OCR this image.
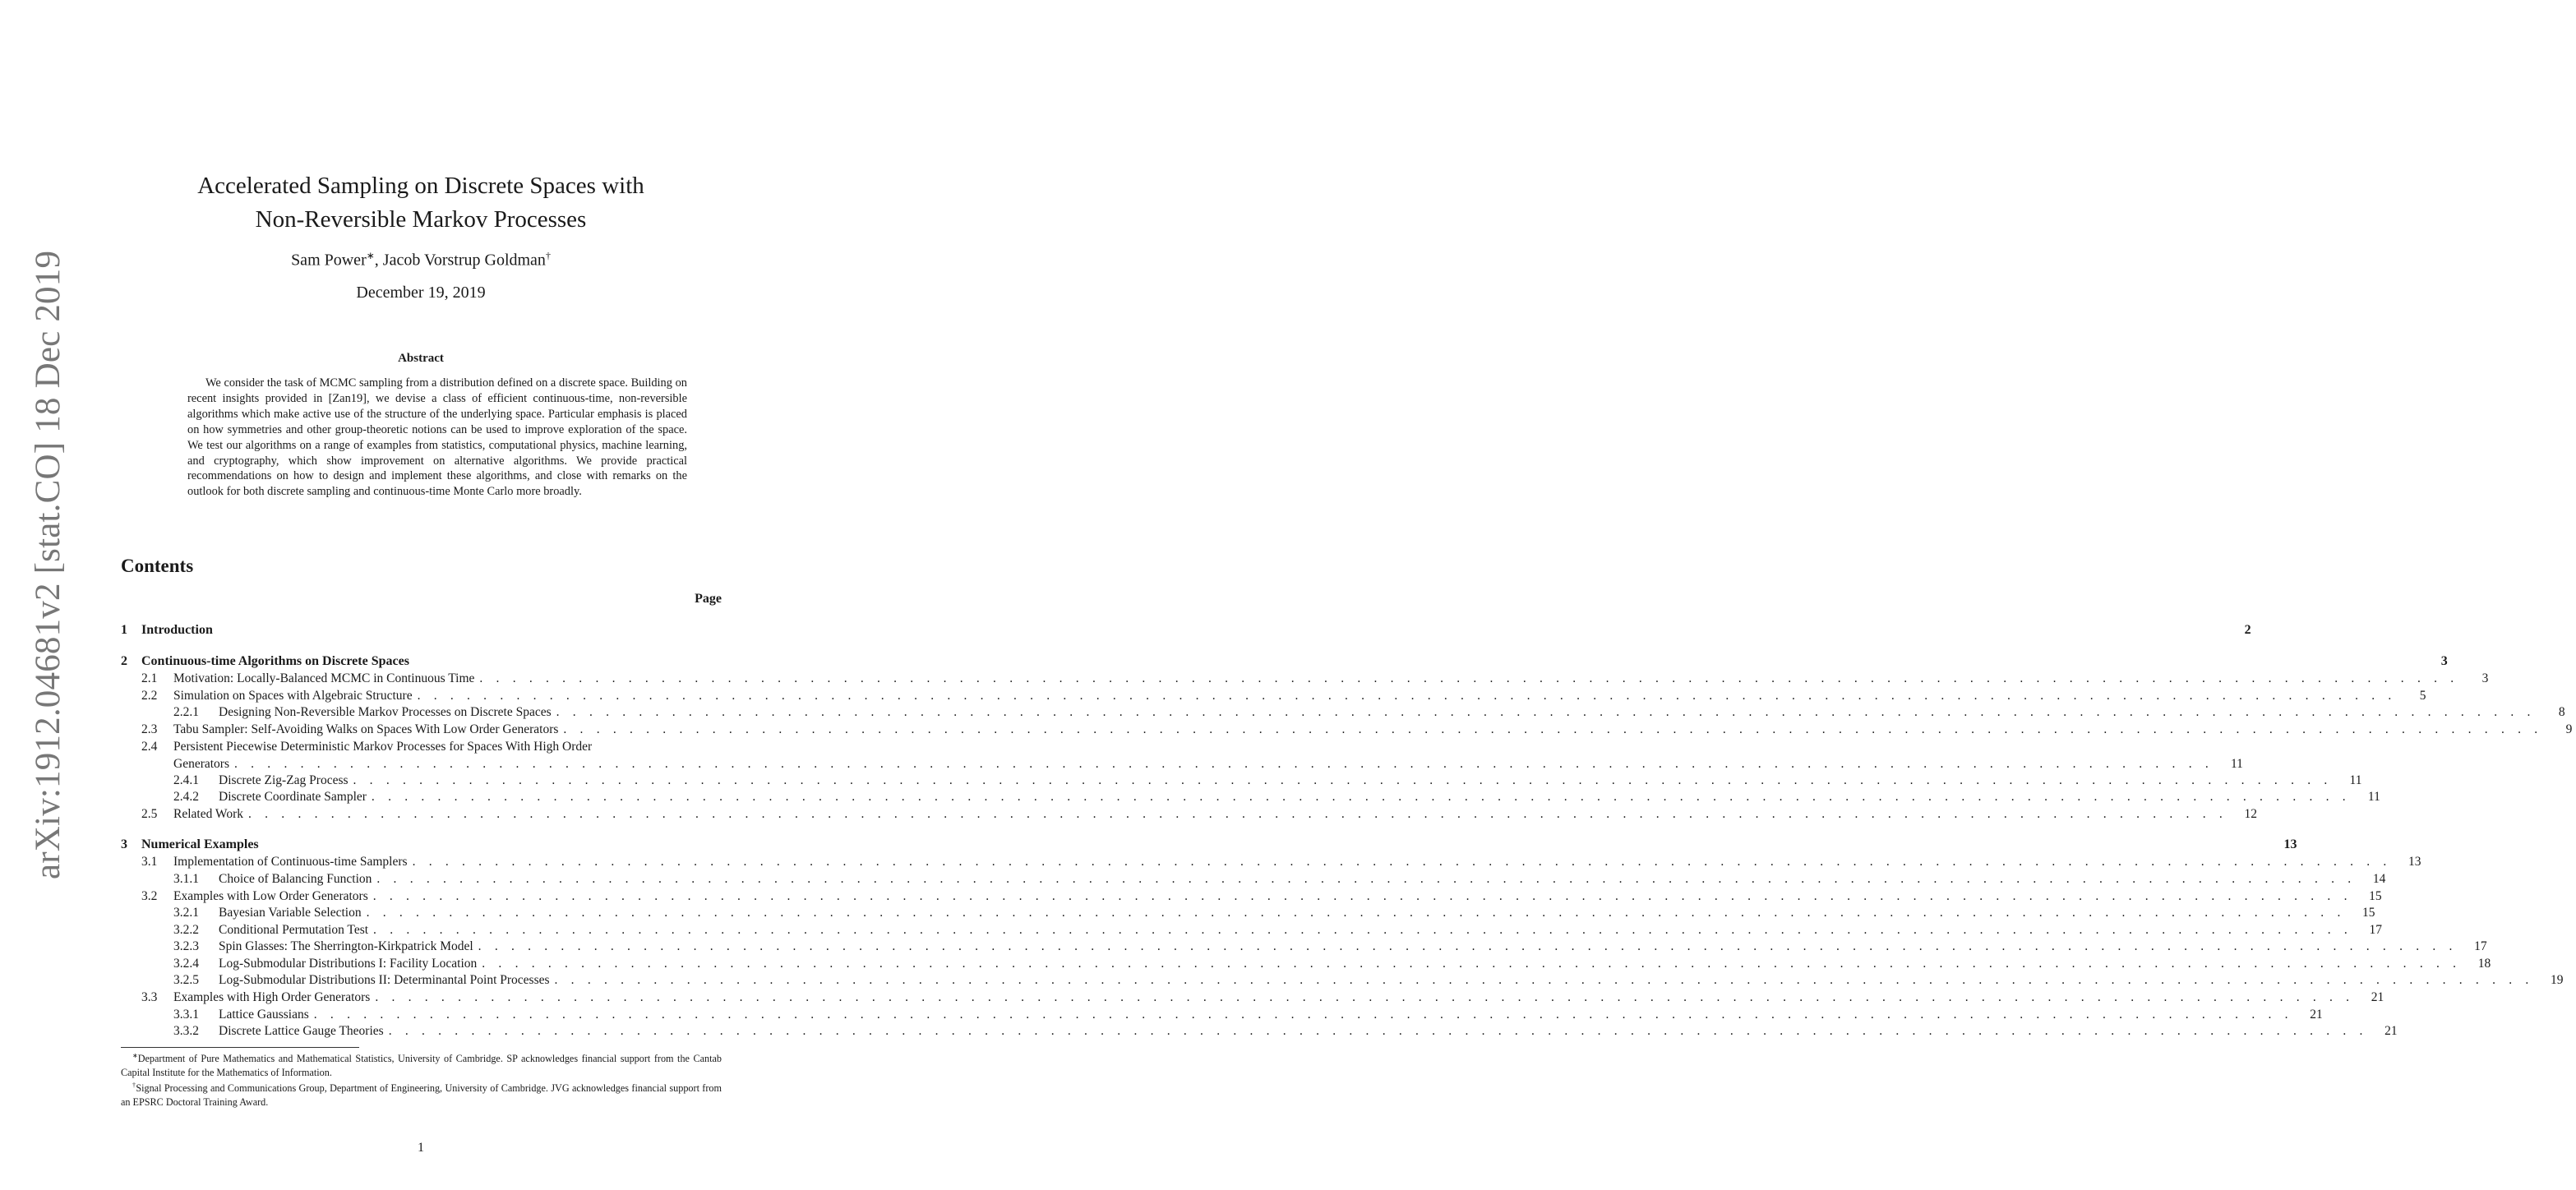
arXiv:1912.04681v2 [stat.CO] 18 Dec 2019
Accelerated Sampling on Discrete Spaces with
Non-Reversible Markov Processes
Sam Power∗, Jacob Vorstrup Goldman†
December 19, 2019
Abstract
We consider the task of MCMC sampling from a distribution defined on a discrete space. Building on recent insights provided in [Zan19], we devise a class of efficient continuous-time, non-reversible algorithms which make active use of the structure of the underlying space. Particular emphasis is placed on how symmetries and other group-theoretic notions can be used to improve exploration of the space. We test our algorithms on a range of examples from statistics, computational physics, machine learning, and cryptography, which show improvement on alternative algorithms. We provide practical recommendations on how to design and implement these algorithms, and close with remarks on the outlook for both discrete sampling and continuous-time Monte Carlo more broadly.
Contents
Page
1	Introduction	2
2	Continuous-time Algorithms on Discrete Spaces	3
2.1	Motivation: Locally-Balanced MCMC in Continuous Time . . . . . . . . . . . . . . . . . . . . . . . . . . . . . . . . . . . . . . . . . . . . . . . . . . . . . . . . . . . . . . . . . . . . . . . . . . . . . . . . . . . . . . . . . . . . . . . . . . . . . . . . . . . . . . . . . . . . . . . .	3
2.2	Simulation on Spaces with Algebraic Structure . . . . . . . . . . . . . . . . . . . . . . . . . . . . . . . . . . . . . . . . . . . . . . . . . . . . . . . . . . . . . . . . . . . . . . . . . . . . . . . . . . . . . . . . . . . . . . . . . . . . . . . . . . . . . . . . . . . . . . . .	5
2.2.1	Designing Non-Reversible Markov Processes on Discrete Spaces . . . . . . . . . . . . . . . . . . . . . . . . . . . . . . . . . . . . . . . . . . . . . . . . . . . . . . . . . . . . . . . . . . . . . . . . . . . . . . . . . . . . . . . . . . . . . . . . . . . . . . . . . . . . . . . . . . . . . . . .	8
2.3	Tabu Sampler: Self-Avoiding Walks on Spaces With Low Order Generators . . . . . . . . . . . . . . . . . . . . . . . . . . . . . . . . . . . . . . . . . . . . . . . . . . . . . . . . . . . . . . . . . . . . . . . . . . . . . . . . . . . . . . . . . . . . . . . . . . . . . . . . . . . . . . . . . . . . . . . .	9
2.4	Persistent Piecewise Deterministic Markov Processes for Spaces With High Order
Generators . . . . . . . . . . . . . . . . . . . . . . . . . . . . . . . . . . . . . . . . . . . . . . . . . . . . . . . . . . . . . . . . . . . . . . . . . . . . . . . . . . . . . . . . . . . . . . . . . . . . . . . . . . . . . . . . . . . . . . . .	11
2.4.1	Discrete Zig-Zag Process . . . . . . . . . . . . . . . . . . . . . . . . . . . . . . . . . . . . . . . . . . . . . . . . . . . . . . . . . . . . . . . . . . . . . . . . . . . . . . . . . . . . . . . . . . . . . . . . . . . . . . . . . . . . . . . . . . . . . . . .	11
2.4.2	Discrete Coordinate Sampler . . . . . . . . . . . . . . . . . . . . . . . . . . . . . . . . . . . . . . . . . . . . . . . . . . . . . . . . . . . . . . . . . . . . . . . . . . . . . . . . . . . . . . . . . . . . . . . . . . . . . . . . . . . . . . . . . . . . . . . .	11
2.5	Related Work . . . . . . . . . . . . . . . . . . . . . . . . . . . . . . . . . . . . . . . . . . . . . . . . . . . . . . . . . . . . . . . . . . . . . . . . . . . . . . . . . . . . . . . . . . . . . . . . . . . . . . . . . . . . . . . . . . . . . . . .	12
3	Numerical Examples	13
3.1	Implementation of Continuous-time Samplers . . . . . . . . . . . . . . . . . . . . . . . . . . . . . . . . . . . . . . . . . . . . . . . . . . . . . . . . . . . . . . . . . . . . . . . . . . . . . . . . . . . . . . . . . . . . . . . . . . . . . . . . . . . . . . . . . . . . . . . .	13
3.1.1	Choice of Balancing Function . . . . . . . . . . . . . . . . . . . . . . . . . . . . . . . . . . . . . . . . . . . . . . . . . . . . . . . . . . . . . . . . . . . . . . . . . . . . . . . . . . . . . . . . . . . . . . . . . . . . . . . . . . . . . . . . . . . . . . . .	14
3.2	Examples with Low Order Generators . . . . . . . . . . . . . . . . . . . . . . . . . . . . . . . . . . . . . . . . . . . . . . . . . . . . . . . . . . . . . . . . . . . . . . . . . . . . . . . . . . . . . . . . . . . . . . . . . . . . . . . . . . . . . . . . . . . . . . . .	15
3.2.1	Bayesian Variable Selection . . . . . . . . . . . . . . . . . . . . . . . . . . . . . . . . . . . . . . . . . . . . . . . . . . . . . . . . . . . . . . . . . . . . . . . . . . . . . . . . . . . . . . . . . . . . . . . . . . . . . . . . . . . . . . . . . . . . . . . .	15
3.2.2	Conditional Permutation Test . . . . . . . . . . . . . . . . . . . . . . . . . . . . . . . . . . . . . . . . . . . . . . . . . . . . . . . . . . . . . . . . . . . . . . . . . . . . . . . . . . . . . . . . . . . . . . . . . . . . . . . . . . . . . . . . . . . . . . . .	17
3.2.3	Spin Glasses: The Sherrington-Kirkpatrick Model . . . . . . . . . . . . . . . . . . . . . . . . . . . . . . . . . . . . . . . . . . . . . . . . . . . . . . . . . . . . . . . . . . . . . . . . . . . . . . . . . . . . . . . . . . . . . . . . . . . . . . . . . . . . . . . . . . . . . . . .	17
3.2.4	Log-Submodular Distributions I: Facility Location . . . . . . . . . . . . . . . . . . . . . . . . . . . . . . . . . . . . . . . . . . . . . . . . . . . . . . . . . . . . . . . . . . . . . . . . . . . . . . . . . . . . . . . . . . . . . . . . . . . . . . . . . . . . . . . . . . . . . . . .	18
3.2.5	Log-Submodular Distributions II: Determinantal Point Processes . . . . . . . . . . . . . . . . . . . . . . . . . . . . . . . . . . . . . . . . . . . . . . . . . . . . . . . . . . . . . . . . . . . . . . . . . . . . . . . . . . . . . . . . . . . . . . . . . . . . . . . . . . . . . . . . . . . . . . . .	19
3.3	Examples with High Order Generators . . . . . . . . . . . . . . . . . . . . . . . . . . . . . . . . . . . . . . . . . . . . . . . . . . . . . . . . . . . . . . . . . . . . . . . . . . . . . . . . . . . . . . . . . . . . . . . . . . . . . . . . . . . . . . . . . . . . . . . .	21
3.3.1	Lattice Gaussians . . . . . . . . . . . . . . . . . . . . . . . . . . . . . . . . . . . . . . . . . . . . . . . . . . . . . . . . . . . . . . . . . . . . . . . . . . . . . . . . . . . . . . . . . . . . . . . . . . . . . . . . . . . . . . . . . . . . . . . .	21
3.3.2	Discrete Lattice Gauge Theories . . . . . . . . . . . . . . . . . . . . . . . . . . . . . . . . . . . . . . . . . . . . . . . . . . . . . . . . . . . . . . . . . . . . . . . . . . . . . . . . . . . . . . . . . . . . . . . . . . . . . . . . . . . . . . . . . . . . . . . .	21

∗Department of Pure Mathematics and Mathematical Statistics, University of Cambridge. SP acknowledges financial support from the Cantab Capital Institute for the Mathematics of Information.

†Signal Processing and Communications Group, Department of Engineering, University of Cambridge. JVG acknowledges financial support from an EPSRC Doctoral Training Award.

1
